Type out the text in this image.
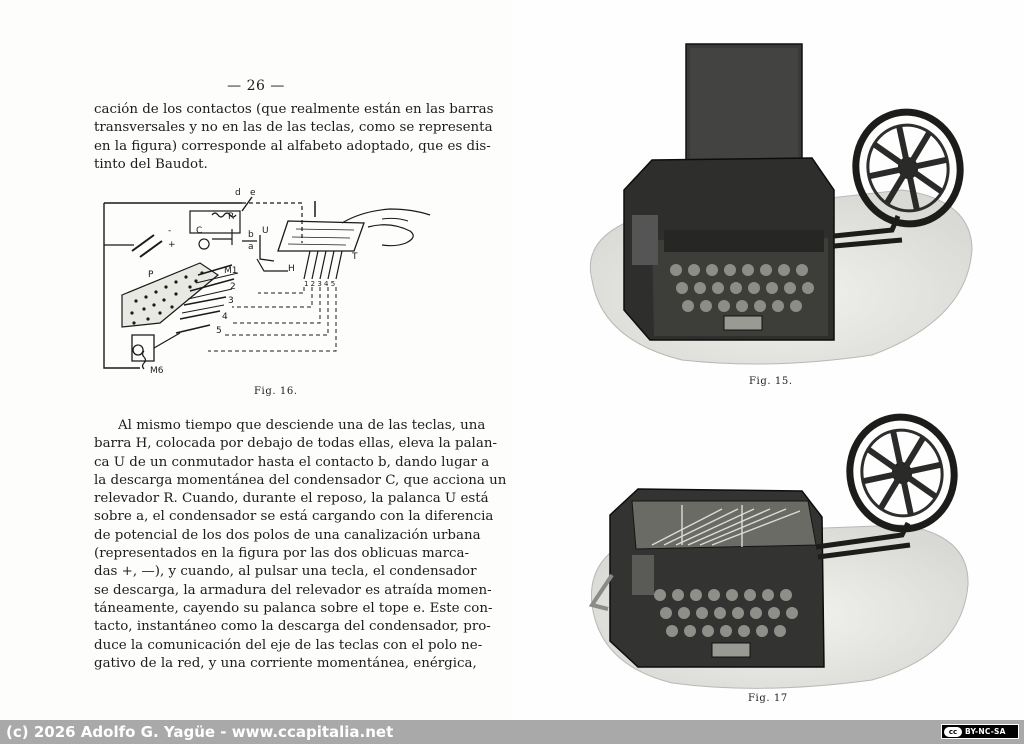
— 26 —

cación de los contactos (que realmente están en las barras
transversales y no en las de las teclas, como se representa
en la figura) corresponde al alfabeto adoptado, que es dis-
tinto del Baudot.

d e
R
C
-
+
b
a
U
H
T
P	M1
2
3
4
5
1 2 3 4 5
M6
Fig. 16.

Al mismo tiempo que desciende una de las teclas, una
barra H, colocada por debajo de todas ellas, eleva la palan-
ca U de un conmutador hasta el contacto b, dando lugar a
la descarga momentánea del condensador C, que acciona un
relevador R. Cuando, durante el reposo, la palanca U está
sobre a, el condensador se está cargando con la diferencia
de potencial de los dos polos de una canalización urbana
(representados en la figura por las dos oblicuas marca-
das +, —), y cuando, al pulsar una tecla, el condensador
se descarga, la armadura del relevador es atraída momen-
táneamente, cayendo su palanca sobre el tope e. Este con-
tacto, instantáneo como la descarga del condensador, pro-
duce la comunicación del eje de las teclas con el polo ne-
gativo de la red, y una corriente momentánea, enérgica,

Fig. 15.
Fig. 17
(c) 2026 Adolfo G. Yagüe - www.ccapitalia.net	cc	BY-NC-SA
